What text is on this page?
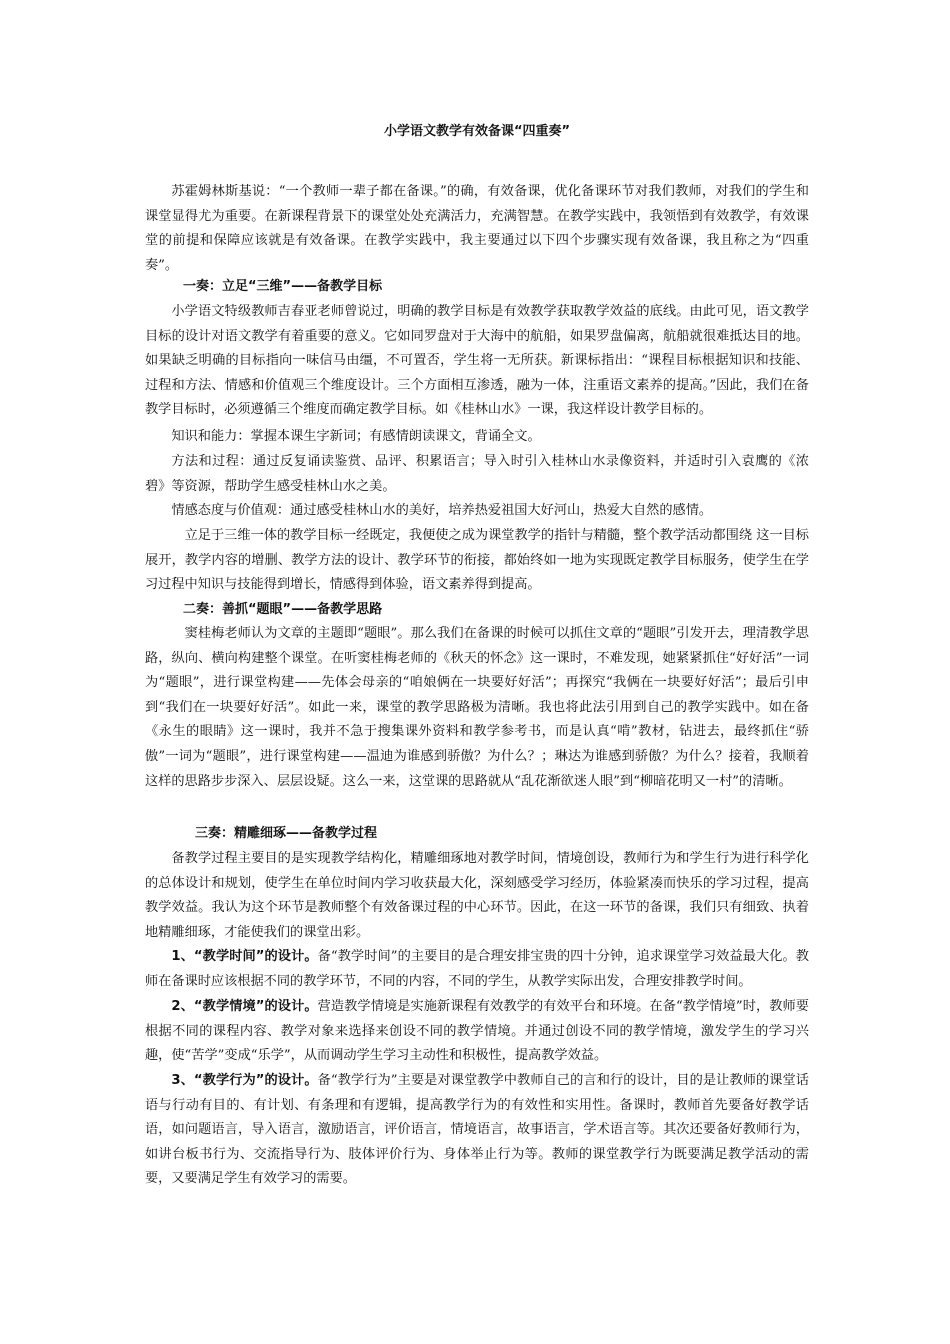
小学语文教学有效备课“四重奏”
苏霍姆林斯基说：“一个教师一辈子都在备课。”的确，有效备课，优化备课环节对我们教师，对我们的学生和课堂显得尤为重要。在新课程背景下的课堂处处充满活力，充满智慧。在教学实践中，我领悟到有效教学，有效课堂的前提和保障应该就是有效备课。在教学实践中，我主要通过以下四个步骤实现有效备课，我且称之为“四重奏”。
一奏：立足“三维”——备教学目标
小学语文特级教师吉春亚老师曾说过，明确的教学目标是有效教学获取教学效益的底线。由此可见，语文教学目标的设计对语文教学有着重要的意义。它如同罗盘对于大海中的航船，如果罗盘偏离，航船就很难抵达目的地。如果缺乏明确的目标指向一味信马由缰，不可置否，学生将一无所获。新课标指出：“课程目标根据知识和技能、过程和方法、情感和价值观三个维度设计。三个方面相互渗透，融为一体，注重语文素养的提高。”因此，我们在备教学目标时，必须遵循三个维度而确定教学目标。如《桂林山水》一课，我这样设计教学目标的。
知识和能力：掌握本课生字新词；有感情朗读课文，背诵全文。
方法和过程：通过反复诵读鉴赏、品评、积累语言；导入时引入桂林山水录像资料，并适时引入袁鹰的《浓碧》等资源，帮助学生感受桂林山水之美。
情感态度与价值观：通过感受桂林山水的美好，培养热爱祖国大好河山，热爱大自然的感情。
立足于三维一体的教学目标一经既定，我便使之成为课堂教学的指针与精髓，整个教学活动都围绕 这一目标展开，教学内容的增删、教学方法的设计、教学环节的衔接，都始终如一地为实现既定教学目标服务，使学生在学习过程中知识与技能得到增长，情感得到体验，语文素养得到提高。
二奏：善抓“题眼”——备教学思路
窦桂梅老师认为文章的主题即“题眼”。那么我们在备课的时候可以抓住文章的“题眼”引发开去，理清教学思路，纵向、横向构建整个课堂。在听窦桂梅老师的《秋天的怀念》这一课时，不难发现，她紧紧抓住“好好活”一词为“题眼”，进行课堂构建——先体会母亲的“咱娘俩在一块要好好活”；再探究“我俩在一块要好好活”；最后引申到“我们在一块要好好活”。如此一来，课堂的教学思路极为清晰。我也将此法引用到自己的教学实践中。如在备《永生的眼睛》这一课时，我并不急于搜集课外资料和教学参考书，而是认真“啃”教材，钻进去，最终抓住“骄傲”一词为“题眼”，进行课堂构建——温迪为谁感到骄傲？为什么？；琳达为谁感到骄傲？为什么？接着，我顺着这样的思路步步深入、层层设疑。这么一来，这堂课的思路就从“乱花渐欲迷人眼”到“柳暗花明又一村”的清晰。
三奏：精雕细琢——备教学过程
备教学过程主要目的是实现教学结构化，精雕细琢地对教学时间，情境创设，教师行为和学生行为进行科学化的总体设计和规划，使学生在单位时间内学习收获最大化，深刻感受学习经历，体验紧凑而快乐的学习过程，提高教学效益。我认为这个环节是教师整个有效备课过程的中心环节。因此，在这一环节的备课，我们只有细致、执着地精雕细琢，才能使我们的课堂出彩。
1、“教学时间”的设计。备“教学时间”的主要目的是合理安排宝贵的四十分钟，追求课堂学习效益最大化。教师在备课时应该根据不同的教学环节，不同的内容，不同的学生，从教学实际出发，合理安排教学时间。
2、“教学情境”的设计。营造教学情境是实施新课程有效教学的有效平台和环境。在备“教学情境”时，教师要根据不同的课程内容、教学对象来选择来创设不同的教学情境。并通过创设不同的教学情境，激发学生的学习兴趣，使“苦学”变成“乐学”，从而调动学生学习主动性和积极性，提高教学效益。
3、“教学行为”的设计。备“教学行为”主要是对课堂教学中教师自己的言和行的设计，目的是让教师的课堂话语与行动有目的、有计划、有条理和有逻辑，提高教学行为的有效性和实用性。备课时，教师首先要备好教学话语，如问题语言，导入语言，激励语言，评价语言，情境语言，故事语言，学术语言等。其次还要备好教师行为，如讲台板书行为、交流指导行为、肢体评价行为、身体举止行为等。教师的课堂教学行为既要满足教学活动的需要，又要满足学生有效学习的需要。
